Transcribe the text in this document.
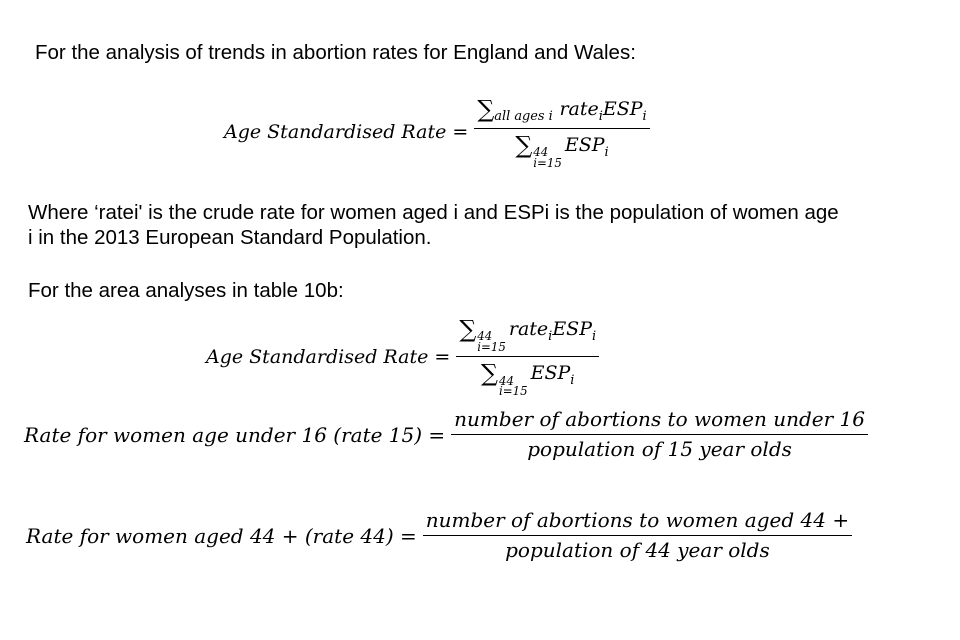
For the analysis of trends in abortion rates for England and Wales:

Age Standardised Rate = $\sum_{all ages i}$ $rate_iESP_i$
∑ 44
i=15
$ESP_i$

Where ‘ratei' is the crude rate for women aged i and ESPi is the population of women age

i in the 2013 European Standard Population.

For the area analyses in table 10b:

Age Standardised Rate = ∑ 44
i=15
$rate_iESP_i$
∑ 44
i=15
$ESP_i$
Rate for women age under 16 (rate $15) = \frac{\text{number of abortions to women under 16}}{\text{population of 15 year olds}}$
Rate for women aged 44 + (rate $44) = \frac{\text{number of abortions to women aged 44 +}}{\text{population of 44 year olds}}$
